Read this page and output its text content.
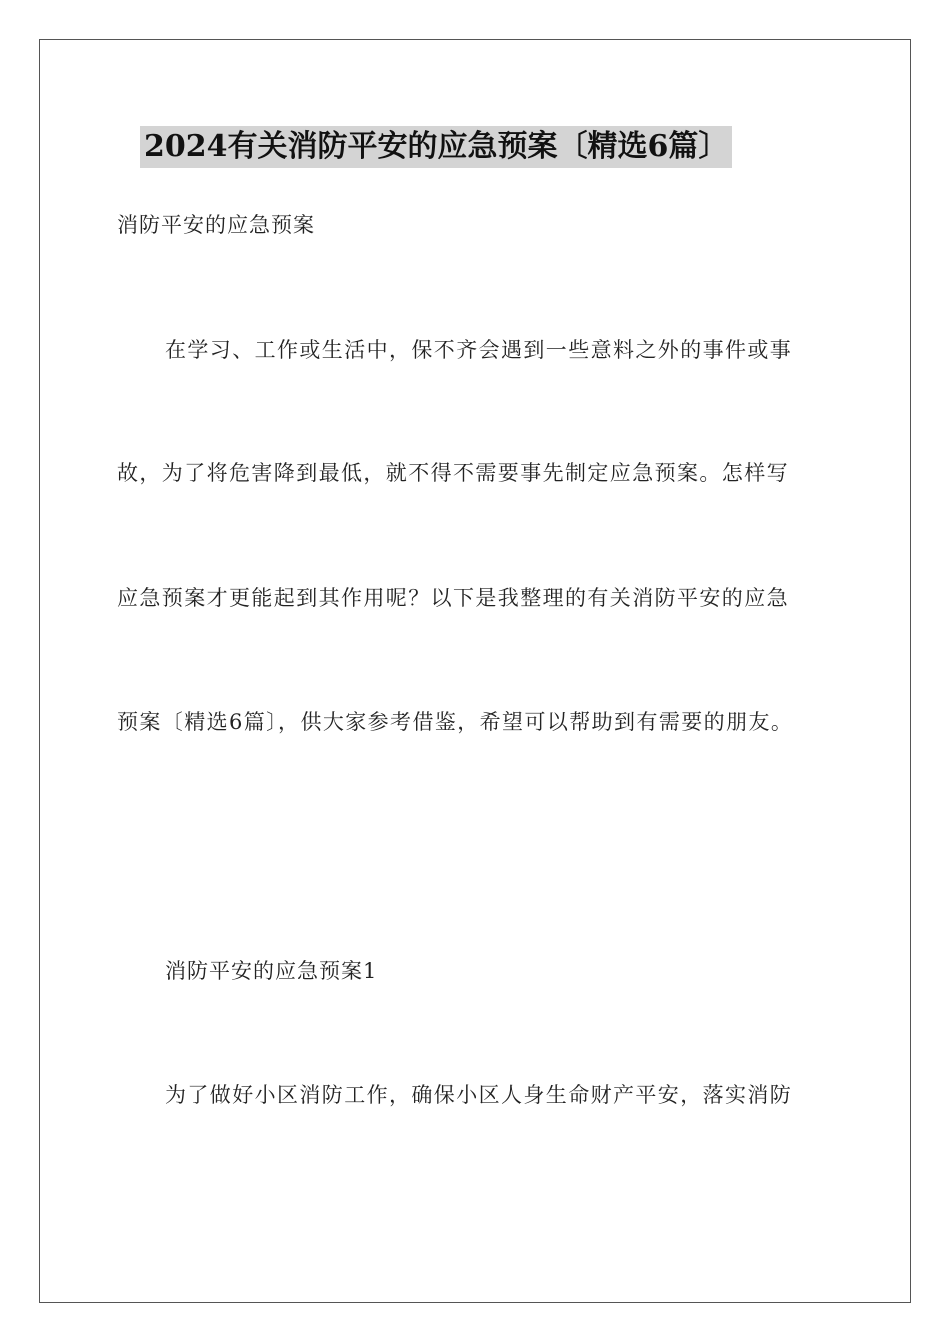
2024有关消防平安的应急预案〔精选6篇〕
消防平安的应急预案
在学习、工作或生活中，保不齐会遇到一些意料之外的事件或事
故，为了将危害降到最低，就不得不需要事先制定应急预案。怎样写
应急预案才更能起到其作用呢？以下是我整理的有关消防平安的应急
预案〔精选6篇〕，供大家参考借鉴，希望可以帮助到有需要的朋友。
消防平安的应急预案1
为了做好小区消防工作，确保小区人身生命财产平安，落实消防
